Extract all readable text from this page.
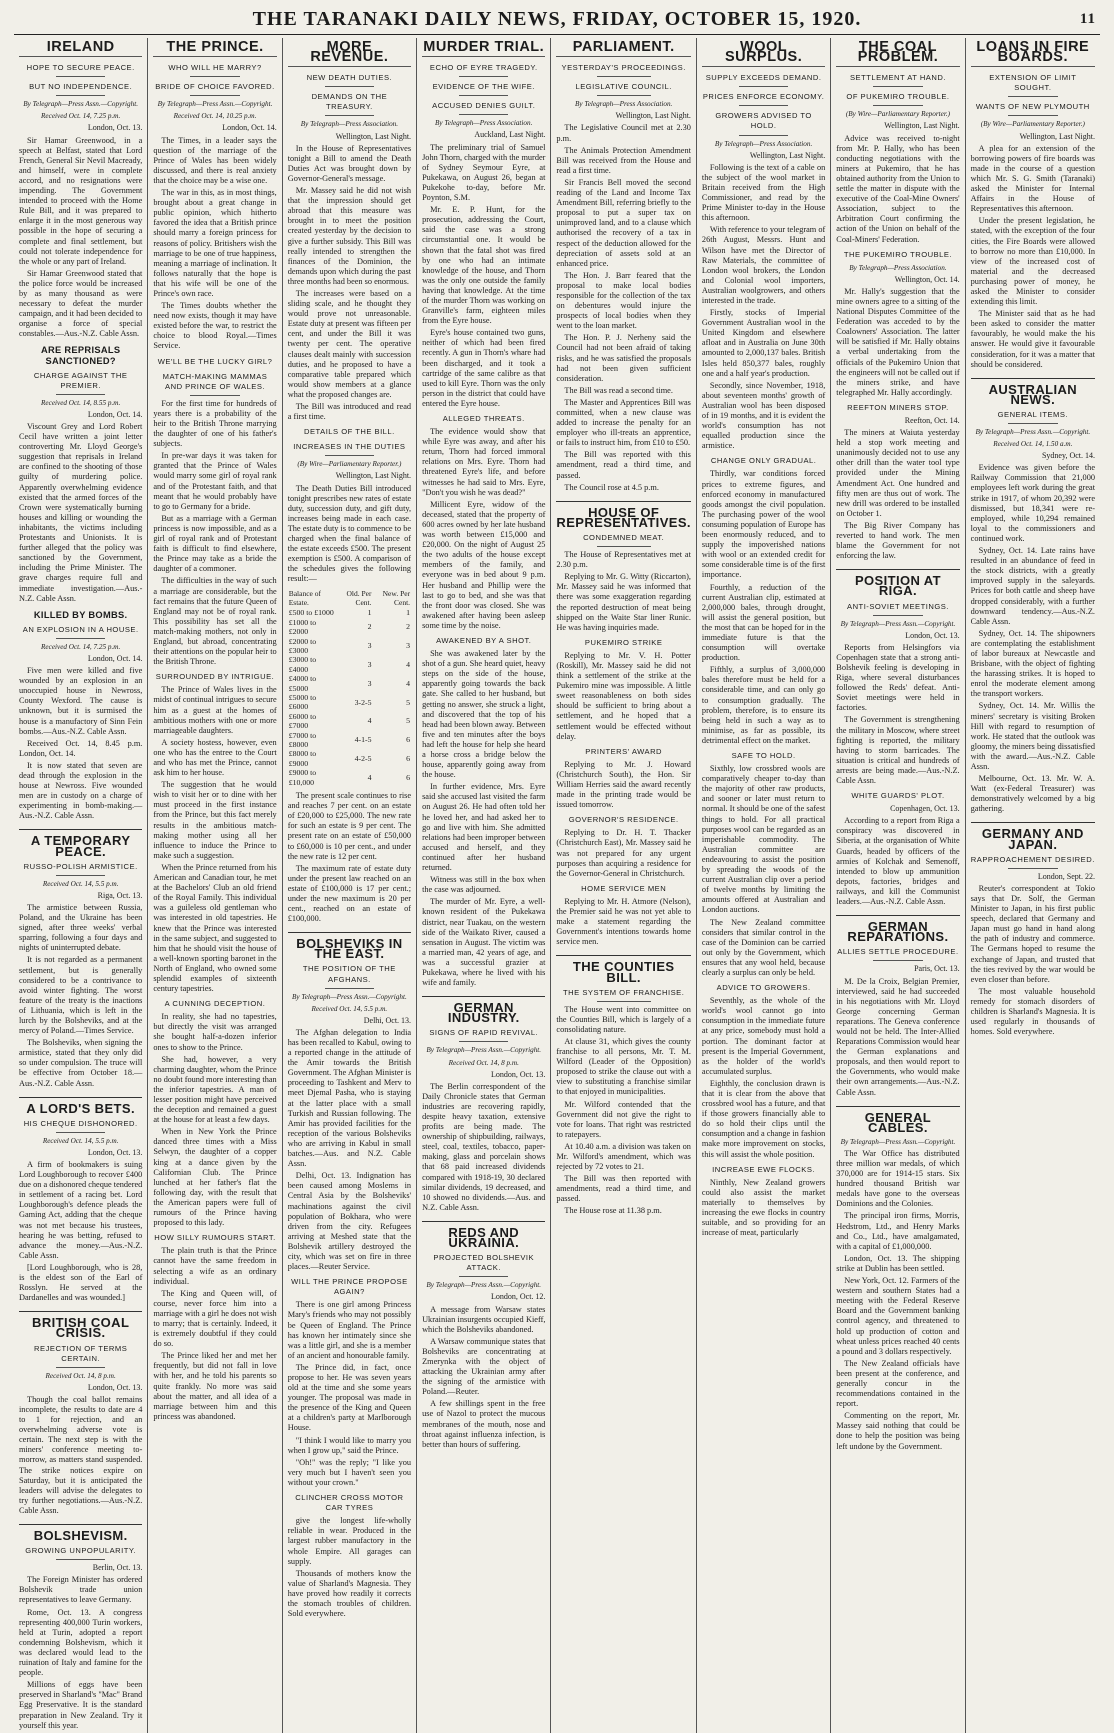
THE TARANAKI DAILY NEWS, FRIDAY, OCTOBER 15, 1920.	11
IRELAND
HOPE TO SECURE PEACE.
BUT NO INDEPENDENCE.
By Telegraph—Press Assn.—Copyright.
Received Oct. 14, 7.25 p.m.
London, Oct. 13.

Sir Hamar Greenwood, in a speech at Belfast, stated that Lord French, General Sir Nevil Macready, and himself, were in complete accord, and no resignations were impending. The Government intended to proceed with the Home Rule Bill, and it was prepared to enlarge it in the most generous way possible in the hope of securing a complete and final settlement, but could not tolerate independence for the whole or any part of Ireland.

Sir Hamar Greenwood stated that the police force would be increased by as many thousand as were necessary to defeat the murder campaign, and it had been decided to organise a force of special constables.—Aus.-N.Z. Cable Assn.

ARE REPRISALS SANCTIONED?
CHARGE AGAINST THE PREMIER.
Received Oct. 14, 8.55 p.m.
London, Oct. 14.

Viscount Grey and Lord Robert Cecil have written a joint letter controverting Mr. Lloyd George's suggestion that reprisals in Ireland are confined to the shooting of those guilty of murdering police. Apparently overwhelming evidence existed that the armed forces of the Crown were systematically burning houses and killing or wounding the inhabitants, the victims including Protestants and Unionists. It is further alleged that the policy was sanctioned by the Government, including the Prime Minister. The grave charges require full and immediate investigation.—Aus.-N.Z. Cable Assn.

KILLED BY BOMBS.
AN EXPLOSION IN A HOUSE.
Received Oct. 14, 7.25 p.m.
London, Oct. 14.

Five men were killed and five wounded by an explosion in an unoccupied house in Newross, County Wexford. The cause is unknown, but it is surmised the house is a manufactory of Sinn Fein bombs.—Aus.-N.Z. Cable Assn.

Received Oct. 14, 8.45 p.m. London, Oct. 14.

It is now stated that seven are dead through the explosion in the house at Newross. Five wounded men are in custody on a charge of experimenting in bomb-making.—Aus.-N.Z. Cable Assn.

A TEMPORARY PEACE.
RUSSO-POLISH ARMISTICE.
Received Oct. 14, 5.5 p.m.
Riga, Oct. 13.

The armistice between Russia, Poland, and the Ukraine has been signed, after three weeks' verbal sparring, following a four days and nights of uninterrupted debate.

It is not regarded as a permanent settlement, but is generally considered to be a contrivance to avoid winter fighting. The worst feature of the treaty is the inactions of Lithuania, which is left in the lurch by the Bolsheviks, and at the mercy of Poland.—Times Service.

The Bolsheviks, when signing the armistice, stated that they only did so under compulsion. The truce will be effective from October 18.—Aus.-N.Z. Cable Assn.

A LORD'S BETS.
HIS CHEQUE DISHONORED.
Received Oct. 14, 5.5 p.m.
London, Oct. 13.

A firm of bookmakers is suing Lord Loughborough to recover £400 due on a dishonored cheque tendered in settlement of a racing bet. Lord Loughborough's defence pleads the Gaming Act, adding that the cheque was not met because his trustees, hearing he was betting, refused to advance the money.—Aus.-N.Z. Cable Assn.

[Lord Loughborough, who is 28, is the eldest son of the Earl of Rosslyn. He served at the Dardanelles and was wounded.]

BRITISH COAL CRISIS.
REJECTION OF TERMS CERTAIN.
Received Oct. 14, 8 p.m.
London, Oct. 13.

Though the coal ballot remains incomplete, the results to date are 4 to 1 for rejection, and an overwhelming adverse vote is certain. The next step is with the miners' conference meeting to-morrow, as matters stand suspended. The strike notices expire on Saturday, but it is anticipated the leaders will advise the delegates to try further negotiations.—Aus.-N.Z. Cable Assn.

BOLSHEVISM.
GROWING UNPOPULARITY.
Berlin, Oct. 13.

The Foreign Minister has ordered Bolshevik trade union representatives to leave Germany.

Rome, Oct. 13. A congress representing 400,000 Turin workers, held at Turin, adopted a report condemning Bolshevism, which it was declared would lead to the ruination of Italy and famine for the people.

Millions of eggs have been preserved in Sharland's "Mac" Brand Egg Preservative. It is the standard preparation in New Zealand. Try it yourself this year.

THE PRINCE.
WHO WILL HE MARRY?
BRIDE OF CHOICE FAVORED.
By Telegraph—Press Assn.—Copyright.
Received Oct. 14, 10.25 p.m.
London, Oct. 14.

The Times, in a leader says the question of the marriage of the Prince of Wales has been widely discussed, and there is real anxiety that the choice may be a wise one.

The war in this, as in most things, brought about a great change in public opinion, which hitherto favored the idea that a British prince should marry a foreign princess for reasons of policy. Britishers wish the marriage to be one of true happiness, meaning a marriage of inclination. It follows naturally that the hope is that his wife will be one of the Prince's own race.

The Times doubts whether the need now exists, though it may have existed before the war, to restrict the choice to blood Royal.—Times Service.

WE'LL BE THE LUCKY GIRL?
MATCH-MAKING MAMMAS AND PRINCE OF WALES.

For the first time for hundreds of years there is a probability of the heir to the British Throne marrying the daughter of one of his father's subjects.

In pre-war days it was taken for granted that the Prince of Wales would marry some girl of royal rank and of the Protestant faith, and that meant that he would probably have to go to Germany for a bride.

But as a marriage with a German princess is now impossible, and as a girl of royal rank and of Protestant faith is difficult to find elsewhere, the Prince may take as a bride the daughter of a commoner.

The difficulties in the way of such a marriage are considerable, but the fact remains that the future Queen of England may not be of royal rank. This possibility has set all the match-making mothers, not only in England, but abroad, concentrating their attentions on the popular heir to the British Throne.

SURROUNDED BY INTRIGUE.

The Prince of Wales lives in the midst of continual intrigues to secure him as a guest at the homes of ambitious mothers with one or more marriageable daughters.

A society hostess, however, even one who has the entree to the Court and who has met the Prince, cannot ask him to her house.

The suggestion that he would wish to visit her or to dine with her must proceed in the first instance from the Prince, but this fact merely results in the ambitious match-making mother using all her influence to induce the Prince to make such a suggestion.

When the Prince returned from his American and Canadian tour, he met at the Bachelors' Club an old friend of the Royal Family. This individual was a guileless old gentleman who was interested in old tapestries. He knew that the Prince was interested in the same subject, and suggested to him that he should visit the house of a well-known sporting baronet in the North of England, who owned some splendid examples of sixteenth century tapestries.

A CUNNING DECEPTION.

In reality, she had no tapestries, but directly the visit was arranged she bought half-a-dozen inferior ones to show to the Prince.

She had, however, a very charming daughter, whom the Prince no doubt found more interesting than the inferior tapestries. A man of lesser position might have perceived the deception and remained a guest at the house for at least a few days.

When in New York the Prince danced three times with a Miss Selwyn, the daughter of a copper king at a dance given by the Californian Club. The Prince lunched at her father's flat the following day, with the result that the American papers were full of rumours of the Prince having proposed to this lady.

HOW SILLY RUMOURS START.

The plain truth is that the Prince cannot have the same freedom in selecting a wife as an ordinary individual.

The King and Queen will, of course, never force him into a marriage with a girl he does not wish to marry; that is certainly. Indeed, it is extremely doubtful if they could do so.

The Prince liked her and met her frequently, but did not fall in love with her, and he told his parents so quite frankly. No more was said about the matter, and all idea of a marriage between him and this princess was abandoned.

MORE REVENUE.
NEW DEATH DUTIES.
DEMANDS ON THE TREASURY.
By Telegraph—Press Association.
Wellington, Last Night.

In the House of Representatives tonight a Bill to amend the Death Duties Act was brought down by Governor-General's message.

Mr. Massey said he did not wish that the impression should get abroad that this measure was brought in to meet the position created yesterday by the decision to give a further subsidy. This Bill was really intended to strengthen the finances of the Dominion, the demands upon which during the past three months had been so enormous.

The increases were based on a sliding scale, and he thought they would prove not unreasonable. Estate duty at present was fifteen per cent, and under the Bill it was twenty per cent. The operative clauses dealt mainly with succession duties, and he proposed to have a comparative table prepared which would show members at a glance what the proposed changes are.

The Bill was introduced and read a first time.

DETAILS OF THE BILL.
INCREASES IN THE DUTIES
(By Wire—Parliamentary Reporter.)
Wellington, Last Night.

The Death Duties Bill introduced tonight prescribes new rates of estate duty, succession duty, and gift duty, increases being made in each case. The estate duty is to commence to be charged when the final balance of the estate exceeds £500. The present exemption is £500. A comparison of the schedules gives the following result:—

Balance of Estate.	Old. Per Cent.	New. Per Cent.
£500 to £1000	1	1
£1000 to £2000	2	2
£2000 to £3000	3	3
£3000 to £4000	3	4
£4000 to £5000	3	4
£5000 to £6000	3-2-5	5
£6000 to £7000	4	5
£7000 to £8000	4-1-5	6
£8000 to £9000	4-2-5	6
£9000 to £10,000	4	6

The present scale continues to rise and reaches 7 per cent. on an estate of £20,000 to £25,000. The new rate for such an estate is 9 per cent. The present rate on an estate of £50,000 to £60,000 is 10 per cent., and under the new rate is 12 per cent.

The maximum rate of estate duty under the present law reached on an estate of £100,000 is 17 per cent.; under the new maximum is 20 per cent., reached on an estate of £100,000.

BOLSHEVIKS IN THE EAST.
THE POSITION OF THE AFGHANS.
By Telegraph—Press Assn.—Copyright.
Received Oct. 14, 5.5 p.m.
Delhi, Oct. 13.

The Afghan delegation to India has been recalled to Kabul, owing to a reported change in the attitude of the Amir towards the British Government. The Afghan Minister is proceeding to Tashkent and Merv to meet Djemal Pasha, who is staying at the latter place with a small Turkish and Russian following. The Amir has provided facilities for the reception of the various Bolsheviks who are arriving in Kabul in small batches.—Aus. and N.Z. Cable Assn.

Delhi, Oct. 13. Indignation has been caused among Moslems in Central Asia by the Bolsheviks' machinations against the civil population of Bokhara, who were driven from the city. Refugees arriving at Meshed state that the Bolshevik artillery destroyed the city, which was set on fire in three places.—Reuter Service.

WILL THE PRINCE PROPOSE AGAIN?

There is one girl among Princess Mary's friends who may not possibly be Queen of England. The Prince has known her intimately since she was a little girl, and she is a member of an ancient and honourable family.

The Prince did, in fact, once propose to her. He was seven years old at the time and she some years younger. The proposal was made in the presence of the King and Queen at a children's party at Marlborough House.

"I think I would like to marry you when I grow up," said the Prince.

"Oh!" was the reply; "I like you very much but I haven't seen you without your crown."

CLINCHER CROSS MOTOR CAR TYRES

give the longest life-wholly reliable in wear. Produced in the largest rubber manufactory in the whole Empire. All garages can supply.

Thousands of mothers know the value of Sharland's Magnesia. They have proved how readily it corrects the stomach troubles of children. Sold everywhere.

MURDER TRIAL.
ECHO OF EYRE TRAGEDY.
EVIDENCE OF THE WIFE.
ACCUSED DENIES GUILT.
By Telegraph—Press Association.
Auckland, Last Night.

The preliminary trial of Samuel John Thorn, charged with the murder of Sydney Seymour Eyre, at Pukekawa, on August 26, began at Pukekohe to-day, before Mr. Poynton, S.M.

Mr. E. P. Hunt, for the prosecution, addressing the Court, said the case was a strong circumstantial one. It would be shown that the fatal shot was fired by one who had an intimate knowledge of the house, and Thorn was the only one outside the family having that knowledge. At the time of the murder Thorn was working on Granville's farm, eighteen miles from the Eyre house.

Eyre's house contained two guns, neither of which had been fired recently. A gun in Thorn's whare had been discharged, and it took a cartridge of the same calibre as that used to kill Eyre. Thorn was the only person in the district that could have entered the Eyre house.

ALLEGED THREATS.

The evidence would show that while Eyre was away, and after his return, Thorn had forced immoral relations on Mrs. Eyre. Thorn had threatened Eyre's life, and before witnesses he had said to Mrs. Eyre, "Don't you wish he was dead?"

Millicent Eyre, widow of the deceased, stated that the property of 600 acres owned by her late husband was worth between £15,000 and £20,000. On the night of August 25 the two adults of the house except members of the family, and everyone was in bed about 9 p.m. Her husband and Phillip were the last to go to bed, and she was that the front door was closed. She was awakened after having been asleep some time by the noise.

AWAKENED BY A SHOT.

She was awakened later by the shot of a gun. She heard quiet, heavy steps on the side of the house, apparently going towards the back gate. She called to her husband, but getting no answer, she struck a light, and discovered that the top of his head had been blown away. Between five and ten minutes after the boys had left the house for help she heard a horse cross a bridge below the house, apparently going away from the house.

In further evidence, Mrs. Eyre said she accused last visited the farm on August 26. He had often told her he loved her, and had asked her to go and live with him. She admitted relations had been improper between accused and herself, and they continued after her husband returned.

Witness was still in the box when the case was adjourned.

The murder of Mr. Eyre, a well-known resident of the Pukekawa district, near Tuakau, on the western side of the Waikato River, caused a sensation in August. The victim was a married man, 42 years of age, and was a successful grazier at Pukekawa, where he lived with his wife and family.

GERMAN INDUSTRY.
SIGNS OF RAPID REVIVAL.
By Telegraph—Press Assn.—Copyright.
Received Oct. 14, 8 p.m.
London, Oct. 13.

The Berlin correspondent of the Daily Chronicle states that German industries are recovering rapidly, despite heavy taxation, extensive profits are being made. The ownership of shipbuilding, railways, steel, coal, textiles, tobacco, paper-making, glass and porcelain shows that 68 paid increased dividends compared with 1918-19, 30 declared similar dividends, 19 decreased, and 10 showed no dividends.—Aus. and N.Z. Cable Assn.

REDS AND UKRAINIA.
PROJECTED BOLSHEVIK ATTACK.
By Telegraph—Press Assn.—Copyright.
London, Oct. 12.

A message from Warsaw states Ukrainian insurgents occupied Kieff, which the Bolsheviks abandoned.

A Warsaw communique states that Bolsheviks are concentrating at Zmerynka with the object of attacking the Ukrainian army after the signing of the armistice with Poland.—Reuter.

A few shillings spent in the free use of Nazol to protect the mucous membranes of the mouth, nose and throat against influenza infection, is better than hours of suffering.

PARLIAMENT.
YESTERDAY'S PROCEEDINGS.
LEGISLATIVE COUNCIL.
By Telegraph—Press Association.
Wellington, Last Night.

The Legislative Council met at 2.30 p.m.

The Animals Protection Amendment Bill was received from the House and read a first time.

Sir Francis Bell moved the second reading of the Land and Income Tax Amendment Bill, referring briefly to the proposal to put a super tax on unimproved land, and to a clause which authorised the recovery of a tax in respect of the deduction allowed for the depreciation of assets sold at an enhanced price.

The Hon. J. Barr feared that the proposal to make local bodies responsible for the collection of the tax on debentures would injure the prospects of local bodies when they went to the loan market.

The Hon. P. J. Nerheny said the Council had not been afraid of taking risks, and he was satisfied the proposals had not been given sufficient consideration.

The Bill was read a second time.

The Master and Apprentices Bill was committed, when a new clause was added to increase the penalty for an employer who ill-treats an apprentice, or fails to instruct him, from £10 to £50.

The Bill was reported with this amendment, read a third time, and passed.

The Council rose at 4.5 p.m.

HOUSE OF REPRESENTATIVES.
CONDEMNED MEAT.

The House of Representatives met at 2.30 p.m.

Replying to Mr. G. Witty (Riccarton), Mr. Massey said he was informed that there was some exaggeration regarding the reported destruction of meat being shipped on the Waite Star liner Runic. He was having inquiries made.

PUKEMIRO STRIKE

Replying to Mr. V. H. Potter (Roskill), Mr. Massey said he did not think a settlement of the strike at the Pukemiro mine was impossible. A little sweet reasonableness on both sides should be sufficient to bring about a settlement, and he hoped that a settlement would be effected without delay.

PRINTERS' AWARD

Replying to Mr. J. Howard (Christchurch South), the Hon. Sir William Herries said the award recently made in the printing trade would be issued tomorrow.

GOVERNOR'S RESIDENCE.

Replying to Dr. H. T. Thacker (Christchurch East), Mr. Massey said he was not prepared for any urgent purposes than acquiring a residence for the Governor-General in Christchurch.

HOME SERVICE MEN

Replying to Mr. H. Atmore (Nelson), the Premier said he was not yet able to make a statement regarding the Government's intentions towards home service men.

THE COUNTIES BILL.
THE SYSTEM OF FRANCHISE.

The House went into committee on the Counties Bill, which is largely of a consolidating nature.

At clause 31, which gives the county franchise to all persons, Mr. T. M. Wilford (Leader of the Opposition) proposed to strike the clause out with a view to substituting a franchise similar to that enjoyed in municipalities.

Mr. Wilford contended that the Government did not give the right to vote for loans. That right was restricted to ratepayers.

At 10.40 a.m. a division was taken on Mr. Wilford's amendment, which was rejected by 72 votes to 21.

The Bill was then reported with amendments, read a third time, and passed.

The House rose at 11.38 p.m.

WOOL SURPLUS.
SUPPLY EXCEEDS DEMAND.
PRICES ENFORCE ECONOMY.
GROWERS ADVISED TO HOLD.
By Telegraph—Press Association.
Wellington, Last Night.

Following is the text of a cable on the subject of the wool market in Britain received from the High Commissioner, and read by the Prime Minister to-day in the House this afternoon.

With reference to your telegram of 26th August, Messrs. Hunt and Wilson have met the Director of Raw Materials, the committee of London wool brokers, the London and Colonial wool importers, Australian woolgrowers, and others interested in the trade.

Firstly, stocks of Imperial Government Australian wool in the United Kingdom and elsewhere afloat and in Australia on June 30th amounted to 2,000,137 bales. British Isles held 850,377 bales, roughly one and a half year's production.

Secondly, since November, 1918, about seventeen months' growth of Australian wool has been disposed of in 19 months, and it is evident the world's consumption has not equalled production since the armistice.

CHANGE ONLY GRADUAL.

Thirdly, war conditions forced prices to extreme figures, and enforced economy in manufactured goods amongst the civil population. The purchasing power of the wool consuming population of Europe has been enormously reduced, and to supply the impoverished nations with wool or an extended credit for some considerable time is of the first importance.

Fourthly, a reduction of the current Australian clip, estimated at 2,000,000 bales, through drought, will assist the general position, but the most that can be hoped for in the immediate future is that the consumption will overtake production.

Fifthly, a surplus of 3,000,000 bales therefore must be held for a considerable time, and can only go to consumption gradually. The problem, therefore, is to ensure its being held in such a way as to minimise, as far as possible, its detrimental effect on the market.

SAFE TO HOLD.

Sixthly, low crossbred wools are comparatively cheaper to-day than the majority of other raw products, and sooner or later must return to normal. It should be one of the safest things to hold. For all practical purposes wool can be regarded as an imperishable commodity. The Australian committee are endeavouring to assist the position by spreading the woods of the current Australian clip over a period of twelve months by limiting the amounts offered at Australian and London auctions.

The New Zealand committee considers that similar control in the case of the Dominion can be carried out only by the Government, which ensures that any wool held, because clearly a surplus can only be held.

ADVICE TO GROWERS.

Seventhly, as the whole of the world's wool cannot go into consumption in the immediate future at any price, somebody must hold a portion. The dominant factor at present is the Imperial Government, as the holder of the world's accumulated surplus.

Eighthly, the conclusion drawn is that it is clear from the above that crossbred wool has a future, and that if those growers financially able to do so hold their clips until the consumption and a change in fashion make more improvement on stocks, this will assist the whole position.

INCREASE EWE FLOCKS.

Ninthly, New Zealand growers could also assist the market materially to themselves by increasing the ewe flocks in country suitable, and so providing for an increase of meat, particularly

THE COAL PROBLEM.
SETTLEMENT AT HAND.
OF PUKEMIRO TROUBLE.
(By Wire—Parliamentary Reporter.)
Wellington, Last Night.

Advice was received to-night from Mr. P. Hally, who has been conducting negotiations with the miners at Pukemiro, that he has obtained authority from the Union to settle the matter in dispute with the executive of the Coal-Mine Owners' Association, subject to the Arbitration Court confirming the action of the Union on behalf of the Coal-Miners' Federation.

THE PUKEMIRO TROUBLE.
By Telegraph—Press Association.
Wellington, Oct. 14.

Mr. Hally's suggestion that the mine owners agree to a sitting of the National Disputes Committee of the Federation was acceded to by the Coalowners' Association. The latter will be satisfied if Mr. Hally obtains a verbal undertaking from the officials of the Pukemiro Union that the engineers will not be called out if the miners strike, and have telegraphed Mr. Hally accordingly.

REEFTON MINERS STOP.
Reefton, Oct. 14.

The miners at Waiuta yesterday held a stop work meeting and unanimously decided not to use any other drill than the water tool type provided under the Mining Amendment Act. One hundred and fifty men are thus out of work. The new drill was ordered to be installed on October 1.

The Big River Company has reverted to hand work. The men blame the Government for not enforcing the law.

POSITION AT RIGA.
ANTI-SOVIET MEETINGS.
By Telegraph—Press Assn.—Copyright.
London, Oct. 13.

Reports from Helsingfors via Copenhagen state that a strong anti-Bolshevik feeling is developing in Riga, where several disturbances followed the Reds' defeat. Anti-Soviet meetings were held in factories.

The Government is strengthening the military in Moscow, where street fighting is reported, the military having to storm barricades. The situation is critical and hundreds of arrests are being made.—Aus.-N.Z. Cable Assn.

WHITE GUARDS' PLOT.
Copenhagen, Oct. 13.

According to a report from Riga a conspiracy was discovered in Siberia, at the organisation of White Guards, headed by officers of the armies of Kolchak and Semenoff, intended to blow up ammunition depots, factories, bridges and railways, and kill the Communist leaders.—Aus.-N.Z. Cable Assn.

GERMAN REPARATIONS.
ALLIES SETTLE PROCEDURE.
Paris, Oct. 13.

M. De la Croix, Belgian Premier, interviewed, said he had succeeded in his negotiations with Mr. Lloyd George concerning German reparations. The Geneva conference would not be held. The Inter-Allied Reparations Commission would hear the German explanations and proposals, and then would report to the Governments, who would make their own arrangements.—Aus.-N.Z. Cable Assn.

GENERAL CABLES.
By Telegraph—Press Assn.—Copyright.

The War Office has distributed three million war medals, of which 370,000 are for 1914-15 stars. Six hundred thousand British war medals have gone to the overseas Dominions and the Colonies.

The principal iron firms, Morris, Hedstrom, Ltd., and Henry Marks and Co., Ltd., have amalgamated, with a capital of £1,000,000.

London, Oct. 13. The shipping strike at Dublin has been settled.

New York, Oct. 12. Farmers of the western and southern States had a meeting with the Federal Reserve Board and the Government banking control agency, and threatened to hold up production of cotton and wheat unless prices reached 40 cents a pound and 3 dollars respectively.

The New Zealand officials have been present at the conference, and generally concur in the recommendations contained in the report.

Commenting on the report, Mr. Massey said nothing that could be done to help the position was being left undone by the Government.

LOANS IN FIRE BOARDS.
EXTENSION OF LIMIT SOUGHT.
WANTS OF NEW PLYMOUTH
(By Wire—Parliamentary Reporter.)
Wellington, Last Night.

A plea for an extension of the borrowing powers of fire boards was made in the course of a question which Mr. S. G. Smith (Taranaki) asked the Minister for Internal Affairs in the House of Representatives this afternoon.

Under the present legislation, he stated, with the exception of the four cities, the Fire Boards were allowed to borrow no more than £10,000. In view of the increased cost of material and the decreased purchasing power of money, he asked the Minister to consider extending this limit.

The Minister said that as he had been asked to consider the matter favourably, he would make the his answer. He would give it favourable consideration, for it was a matter that should be considered.

AUSTRALIAN NEWS.
GENERAL ITEMS.
By Telegraph—Press Assn.—Copyright.
Received Oct. 14, 1.50 a.m.
Sydney, Oct. 14.

Evidence was given before the Railway Commission that 21,000 employees left work during the great strike in 1917, of whom 20,392 were dismissed, but 18,341 were re-employed, while 10,294 remained loyal to the commissioners and continued work.

Sydney, Oct. 14. Late rains have resulted in an abundance of feed in the stock districts, with a greatly improved supply in the saleyards. Prices for both cattle and sheep have dropped considerably, with a further downward tendency.—Aus.-N.Z. Cable Assn.

Sydney, Oct. 14. The shipowners are contemplating the establishment of labor bureaux at Newcastle and Brisbane, with the object of fighting the harassing strikes. It is hoped to enrol the moderate element among the transport workers.

Sydney, Oct. 14. Mr. Willis the miners' secretary is visiting Broken Hill with regard to resumption of work. He stated that the outlook was gloomy, the miners being dissatisfied with the award.—Aus.-N.Z. Cable Assn.

Melbourne, Oct. 13. Mr. W. A. Watt (ex-Federal Treasurer) was demonstratively welcomed by a big gathering.

GERMANY AND JAPAN.
RAPPROACHEMENT DESIRED.
London, Sept. 22.

Reuter's correspondent at Tokio says that Dr. Solf, the German Minister to Japan, in his first public speech, declared that Germany and Japan must go hand in hand along the path of industry and commerce. The Germans hoped to resume the exchange of Japan, and trusted that the ties revived by the war would be even closer than before.

The most valuable household remedy for stomach disorders of children is Sharland's Magnesia. It is used regularly in thousands of homes. Sold everywhere.
